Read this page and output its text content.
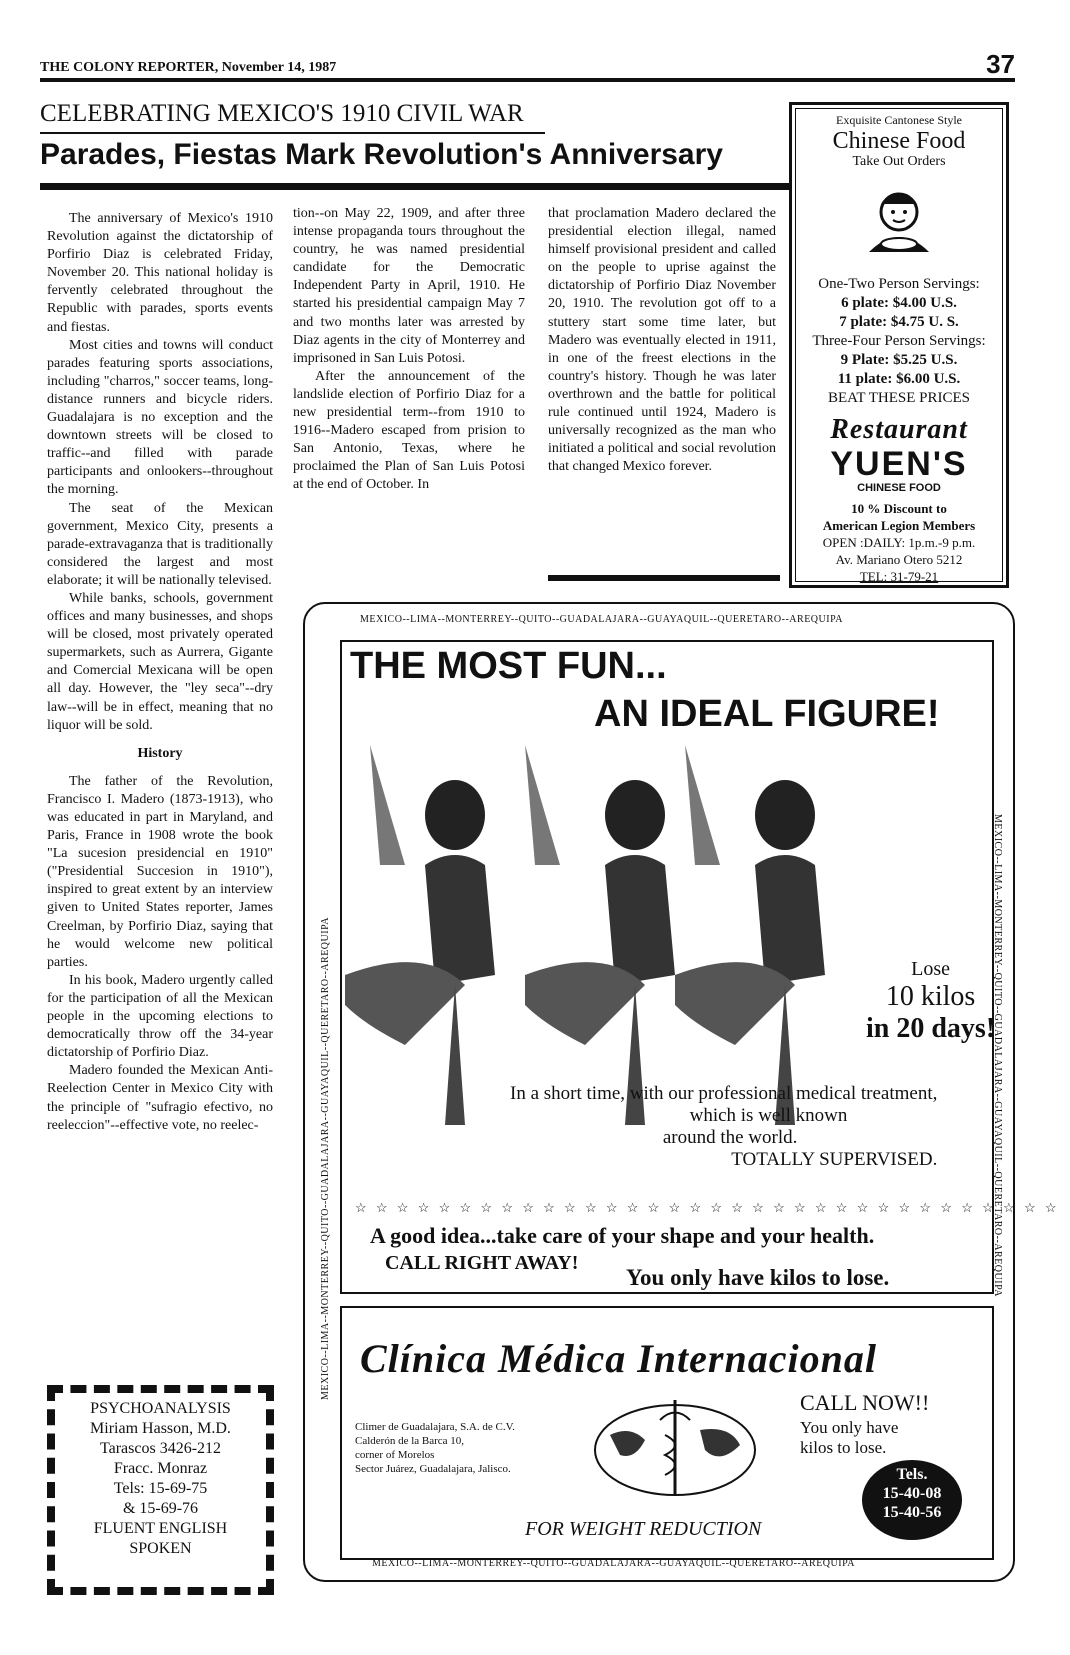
THE COLONY REPORTER, November 14, 1987	37
CELEBRATING MEXICO'S 1910 CIVIL WAR
Parades, Fiestas Mark Revolution's Anniversary

The anniversary of Mexico's 1910 Revolution against the dictatorship of Porfirio Diaz is celebrated Friday, November 20. This national holiday is fervently celebrated throughout the Republic with parades, sports events and fiestas.

Most cities and towns will conduct parades featuring sports associations, including "charros," soccer teams, long-distance runners and bicycle riders. Guadalajara is no exception and the downtown streets will be closed to traffic--and filled with parade participants and onlookers--throughout the morning.

The seat of the Mexican government, Mexico City, presents a parade-extravaganza that is traditionally considered the largest and most elaborate; it will be nationally televised.

While banks, schools, government offices and many businesses, and shops will be closed, most privately operated supermarkets, such as Aurrera, Gigante and Comercial Mexicana will be open all day. However, the "ley seca"--dry law--will be in effect, meaning that no liquor will be sold.

History

The father of the Revolution, Francisco I. Madero (1873-1913), who was educated in part in Maryland, and Paris, France in 1908 wrote the book "La sucesion presidencial en 1910" ("Presidential Succesion in 1910"), inspired to great extent by an interview given to United States reporter, James Creelman, by Porfirio Diaz, saying that he would welcome new political parties.

In his book, Madero urgently called for the participation of all the Mexican people in the upcoming elections to democratically throw off the 34-year dictatorship of Porfirio Diaz.

Madero founded the Mexican Anti-Reelection Center in Mexico City with the principle of "sufragio efectivo, no reeleccion"--effective vote, no reelec-

tion--on May 22, 1909, and after three intense propaganda tours throughout the country, he was named presidential candidate for the Democratic Independent Party in April, 1910. He started his presidential campaign May 7 and two months later was arrested by Diaz agents in the city of Monterrey and imprisoned in San Luis Potosi.

After the announcement of the landslide election of Porfirio Diaz for a new presidential term--from 1910 to 1916--Madero escaped from prision to San Antonio, Texas, where he proclaimed the Plan of San Luis Potosi at the end of October. In

that proclamation Madero declared the presidential election illegal, named himself provisional president and called on the people to uprise against the dictatorship of Porfirio Diaz November 20, 1910. The revolution got off to a stuttery start some time later, but Madero was eventually elected in 1911, in one of the freest elections in the country's history. Though he was later overthrown and the battle for political rule continued until 1924, Madero is universally recognized as the man who initiated a political and social revolution that changed Mexico forever.

Exquisite Cantonese Style
Chinese Food
Take Out Orders
One-Two Person Servings:
6 plate: $4.00 U.S.
7 plate: $4.75 U. S.
Three-Four Person Servings:
9 Plate: $5.25 U.S.
11 plate: $6.00 U.S.
BEAT THESE PRICES
Restaurant
YUEN'S
CHINESE FOOD
10 % Discount to
American Legion Members
OPEN :DAILY: 1p.m.-9 p.m.
Av. Mariano Otero 5212
TEL: 31-79-21
MEXICO--LIMA--MONTERREY--QUITO--GUADALAJARA--GUAYAQUIL--QUERETARO--AREQUIPA
MEXICO--LIMA--MONTERREY--QUITO--GUADALAJARA--GUAYAQUIL--QUERETARO--AREQUIPA
MEXICO--LIMA--MONTERREY--QUITO--GUADALAJARA--GUAYAQUIL--QUERETARO--AREQUIPA	MEXICO--LIMA--MONTERREY--QUITO--GUADALAJARA--GUAYAQUIL--QUERETARO--AREQUIPA
THE MOST FUN...
AN IDEAL FIGURE!
Lose
10 kilos
in 20 days!
In a short time, with our professional medical treatment,
which is well known
around the world.
TOTALLY SUPERVISED.
☆ ☆ ☆ ☆ ☆ ☆ ☆ ☆ ☆ ☆ ☆ ☆ ☆ ☆ ☆ ☆ ☆ ☆ ☆ ☆ ☆ ☆ ☆ ☆ ☆ ☆ ☆ ☆ ☆ ☆ ☆ ☆ ☆ ☆
A good idea...take care of your shape and your health.
CALL RIGHT AWAY!
You only have kilos to lose.
Clínica Médica Internacional
Climer de Guadalajara, S.A. de C.V.
Calderón de la Barca 10,
corner of Morelos
Sector Juárez, Guadalajara, Jalisco.
CALL NOW!!
You only have
kilos to lose.
Tels.
15-40-08
15-40-56
FOR WEIGHT REDUCTION
PSYCHOANALYSIS
Miriam Hasson, M.D.
Tarascos 3426-212
Fracc. Monraz
Tels: 15-69-75
& 15-69-76
FLUENT ENGLISH
SPOKEN
